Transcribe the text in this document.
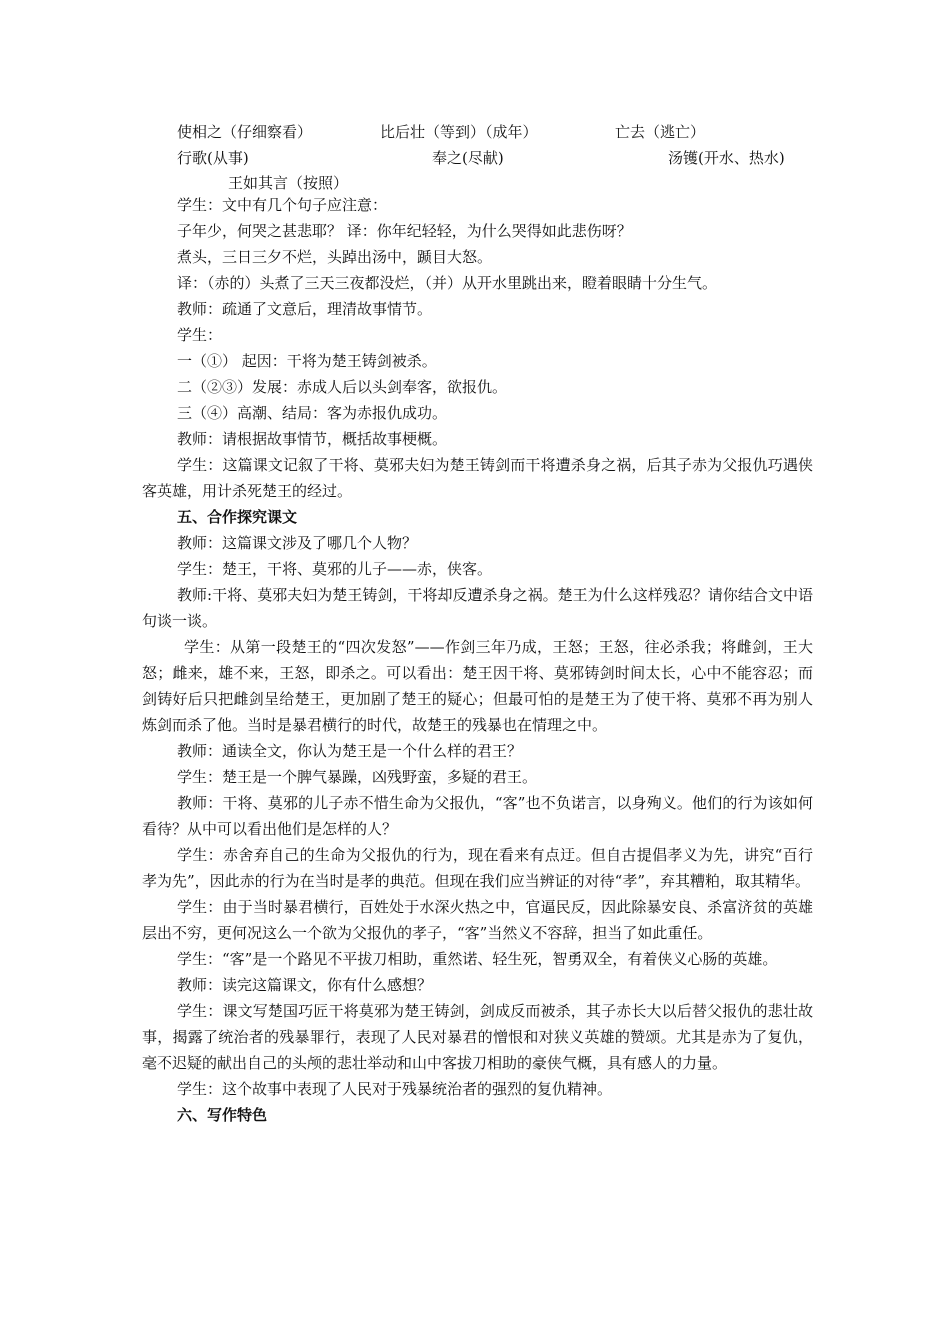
使相之（仔细察看）	比后壮（等到）（成年）	亡去（逃亡）
行歌(从事)	奉之(尽献)	汤镬(开水、热水)
王如其言（按照）

学生：文中有几个句子应注意：

子年少，何哭之甚悲耶？ 译：你年纪轻轻，为什么哭得如此悲伤呀？

煮头，三日三夕不烂，头踔出汤中，踬目大怒。

译：（赤的）头煮了三天三夜都没烂，（并）从开水里跳出来，瞪着眼睛十分生气。

教师：疏通了文意后，理清故事情节。

学生：

一（①） 起因：干将为楚王铸剑被杀。

二（②③）发展：赤成人后以头剑奉客，欲报仇。

三（④）高潮、结局：客为赤报仇成功。

教师：请根据故事情节，概括故事梗概。

学生：这篇课文记叙了干将、莫邪夫妇为楚王铸剑而干将遭杀身之祸，后其子赤为父报仇巧遇侠客英雄，用计杀死楚王的经过。

五、合作探究课文

教师：这篇课文涉及了哪几个人物？

学生：楚王，干将、莫邪的儿子——赤，侠客。

教师:干将、莫邪夫妇为楚王铸剑，干将却反遭杀身之祸。楚王为什么这样残忍？请你结合文中语句谈一谈。

学生：从第一段楚王的“四次发怒”——作剑三年乃成，王怒；王怒，往必杀我；将雌剑，王大怒；雌来，雄不来，王怒，即杀之。可以看出：楚王因干将、莫邪铸剑时间太长，心中不能容忍；而剑铸好后只把雌剑呈给楚王，更加剧了楚王的疑心；但最可怕的是楚王为了使干将、莫邪不再为别人炼剑而杀了他。当时是暴君横行的时代，故楚王的残暴也在情理之中。

教师：通读全文，你认为楚王是一个什么样的君王？

学生：楚王是一个脾气暴躁，凶残野蛮，多疑的君王。

教师：干将、莫邪的儿子赤不惜生命为父报仇，“客”也不负诺言，以身殉义。他们的行为该如何看待？从中可以看出他们是怎样的人？

学生：赤舍弃自己的生命为父报仇的行为，现在看来有点迂。但自古提倡孝义为先，讲究“百行孝为先”，因此赤的行为在当时是孝的典范。但现在我们应当辨证的对待“孝”，弃其糟粕，取其精华。

学生：由于当时暴君横行，百姓处于水深火热之中，官逼民反，因此除暴安良、杀富济贫的英雄层出不穷，更何况这么一个欲为父报仇的孝子，“客”当然义不容辞，担当了如此重任。

学生：“客”是一个路见不平拔刀相助，重然诺、轻生死，智勇双全，有着侠义心肠的英雄。

教师：读完这篇课文，你有什么感想？

学生：课文写楚国巧匠干将莫邪为楚王铸剑，剑成反而被杀，其子赤长大以后替父报仇的悲壮故事，揭露了统治者的残暴罪行，表现了人民对暴君的憎恨和对狭义英雄的赞颂。尤其是赤为了复仇，毫不迟疑的献出自己的头颅的悲壮举动和山中客拔刀相助的豪侠气概，具有感人的力量。

学生：这个故事中表现了人民对于残暴统治者的强烈的复仇精神。

六、写作特色
